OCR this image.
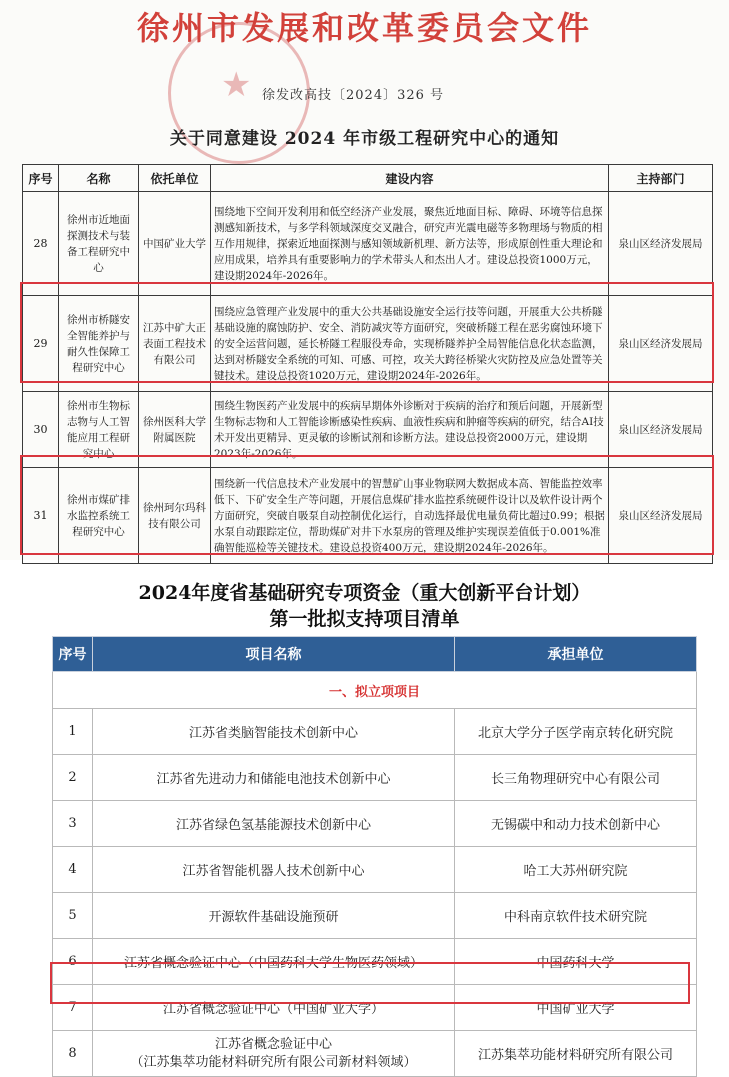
★
徐州市发展和改革委员会文件
徐发改高技〔2024〕326 号
关于同意建设 2024 年市级工程研究中心的通知
序号	名称	依托单位	建设内容	主持部门
28	徐州市近地面探测技术与装备工程研究中心	中国矿业大学	围绕地下空间开发利用和低空经济产业发展，聚焦近地面目标、障碍、环境等信息探测感知新技术，与多学科领域深度交叉融合，研究声光震电磁等多物理场与物质的相互作用规律，探索近地面探测与感知领域新机理、新方法等，形成原创性重大理论和应用成果，培养具有重要影响力的学术带头人和杰出人才。建设总投资1000万元，建设期2024年-2026年。	泉山区经济发展局
29	徐州市桥隧安全智能养护与耐久性保障工程研究中心	江苏中矿大正表面工程技术有限公司	围绕应急管理产业发展中的重大公共基础设施安全运行技等问题，开展重大公共桥隧基础设施的腐蚀防护、安全、消防减灾等方面研究，突破桥隧工程在恶劣腐蚀环境下的安全运营问题，延长桥隧工程服役寿命，实现桥隧养护全局智能信息化状态监测，达到对桥隧安全系统的可知、可感、可控，攻关大跨径桥梁火灾防控及应急处置等关键技术。建设总投资1020万元，建设期2024年-2026年。	泉山区经济发展局
30	徐州市生物标志物与人工智能应用工程研究中心	徐州医科大学附属医院	围绕生物医药产业发展中的疾病早期体外诊断对于疾病的治疗和预后问题，开展新型生物标志物和人工智能诊断感染性疾病、血液性疾病和肿瘤等疾病的研究，结合AI技术开发出更精异、更灵敏的诊断试剂和诊断方法。建设总投资2000万元，建设期2023年-2026年。	泉山区经济发展局
31	徐州市煤矿排水监控系统工程研究中心	徐州珂尔玛科技有限公司	围绕新一代信息技术产业发展中的智慧矿山事业物联网大数据成本高、智能监控效率低下、下矿安全生产等问题，开展信息煤矿排水监控系统硬件设计以及软件设计两个方面研究，突破自吸泵自动控制优化运行，自动选择最优电量负荷比超过0.99；根据水泵自动跟踪定位，帮助煤矿对井下水泵房的管理及维护实现误差值低于0.001%准确智能巡检等关键技术。建设总投资400万元，建设期2024年-2026年。	泉山区经济发展局
2024年度省基础研究专项资金（重大创新平台计划）
第一批拟支持项目清单
序号	项目名称	承担单位
一、拟立项项目		
1	江苏省类脑智能技术创新中心	北京大学分子医学南京转化研究院
2	江苏省先进动力和储能电池技术创新中心	长三角物理研究中心有限公司
3	江苏省绿色氢基能源技术创新中心	无锡碳中和动力技术创新中心
4	江苏省智能机器人技术创新中心	哈工大苏州研究院
5	开源软件基础设施预研	中科南京软件技术研究院
6	江苏省概念验证中心（中国药科大学生物医药领域）	中国药科大学
7	江苏省概念验证中心（中国矿业大学）	中国矿业大学
8	江苏省概念验证中心
（江苏集萃功能材料研究所有限公司新材料领域）	江苏集萃功能材料研究所有限公司
